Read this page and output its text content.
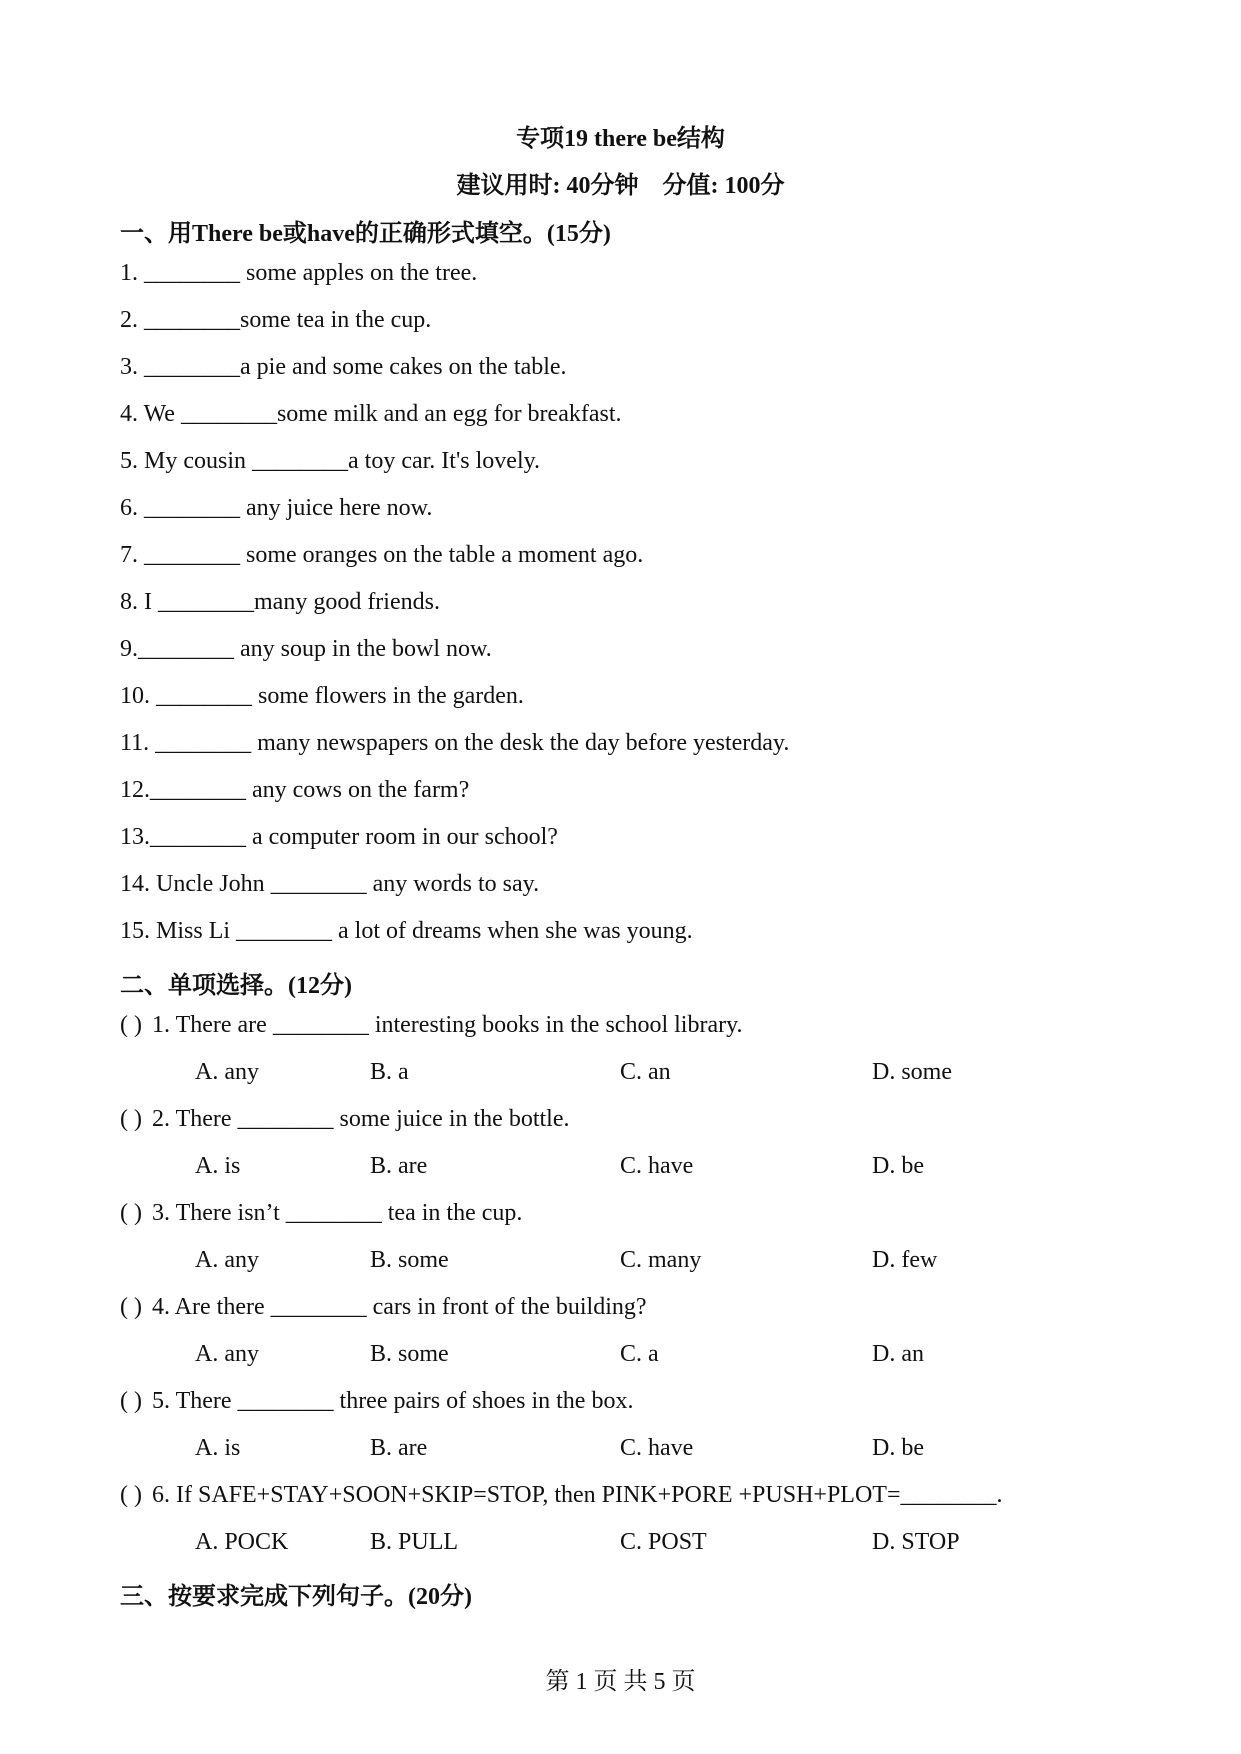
专项19 there be结构
建议用时: 40分钟    分值: 100分
一、用There be或have的正确形式填空。(15分)
1. ________ some apples on the tree.
2. ________some tea in the cup.
3. ________a pie and some cakes on the table.
4. We ________some milk and an egg for breakfast.
5. My cousin ________a toy car. It's lovely.
6. ________ any juice here now.
7. ________ some oranges on the table a moment ago.
8. I ________many good friends.
9.________ any soup in the bowl now.
10. ________ some flowers in the garden.
11. ________ many newspapers on the desk the day before yesterday.
12.________ any cows on the farm?
13.________ a computer room in our school?
14. Uncle John ________ any words to say.
15. Miss Li ________ a lot of dreams when she was young.
二、单项选择。(12分)
( ) 1. There are ________ interesting books in the school library.
A. any	B. a	C. an	D. some
( ) 2. There ________ some juice in the bottle.
A. is	B. are	C. have	D. be
( ) 3. There isn’t ________ tea in the cup.
A. any	B. some	C. many	D. few
( ) 4. Are there ________ cars in front of the building?
A. any	B. some	C. a	D. an
( ) 5. There ________ three pairs of shoes in the box.
A. is	B. are	C. have	D. be
( ) 6. If SAFE+STAY+SOON+SKIP=STOP, then PINK+PORE +PUSH+PLOT=________.
A. POCK	B. PULL	C. POST	D. STOP
三、按要求完成下列句子。(20分)
第 1 页 共 5 页
